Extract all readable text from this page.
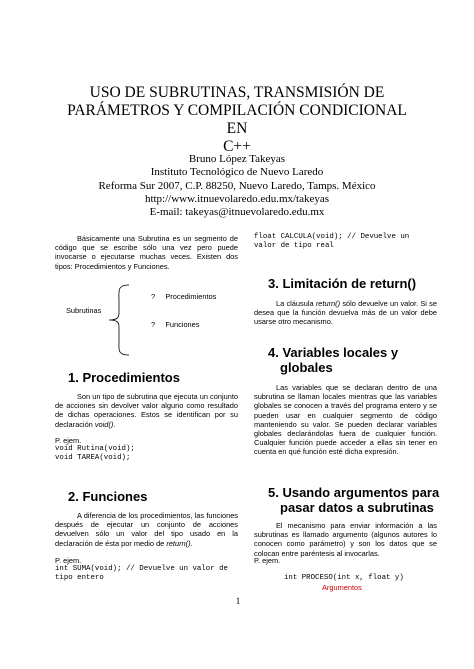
USO DE SUBRUTINAS, TRANSMISIÓN DE
PARÁMETROS Y COMPILACIÓN CONDICIONAL EN
C++
Bruno López Takeyas
Instituto Tecnológico de Nuevo Laredo
Reforma Sur 2007, C.P. 88250, Nuevo Laredo, Tamps. México
http://www.itnuevolaredo.edu.mx/takeyas
E-mail: takeyas@itnuevolaredo.edu.mx
Básicamente una Subrutina es un segmento de código que se escribe sólo una vez pero puede invocarse o ejecutarse muchas veces. Existen dos tipos: Procedimientos y Funciones.
Subrutinas
?     Procedimientos
?     Funciones
1. Procedimientos
Son un tipo de subrutina que ejecuta un conjunto de acciones sin devolver valor alguno como resultado de dichas operaciones. Estos se identifican por su declaración void().
P. ejem.
void Rutina(void);
void TAREA(void);
2. Funciones
A diferencia de los procedimientos, las funciones después de ejecutar un conjunto de acciones devuelven sólo un valor del tipo usado en la declaración de ésta por medio de return().
P. ejem.
int SUMA(void); // Devuelve un valor de
tipo entero
float CALCULA(void); // Devuelve un
valor de tipo real
3. Limitación de return()
La cláusula return() sólo devuelve un valor. Si se desea que la función devuelva más de un valor debe usarse otro mecanismo.
4. Variables locales y
globales
Las variables que se declaran dentro de una subrutina se llaman locales mientras que las variables globales se conocen a través del programa entero y se pueden usar en cualquier segmento de código manteniendo su valor. Se pueden declarar variables globales declarándolas fuera de cualquier función. Cualquier función puede acceder a ellas sin tener en cuenta en qué función esté dicha expresión.
5. Usando argumentos para
pasar datos a subrutinas
El mecanismo para enviar información a las subrutinas es llamado argumento (algunos autores lo conocen como parámetro) y son los datos que se colocan entre paréntesis al invocarlas.
P. ejem.
int PROCESO(int x, float y)
Argumentos
1
